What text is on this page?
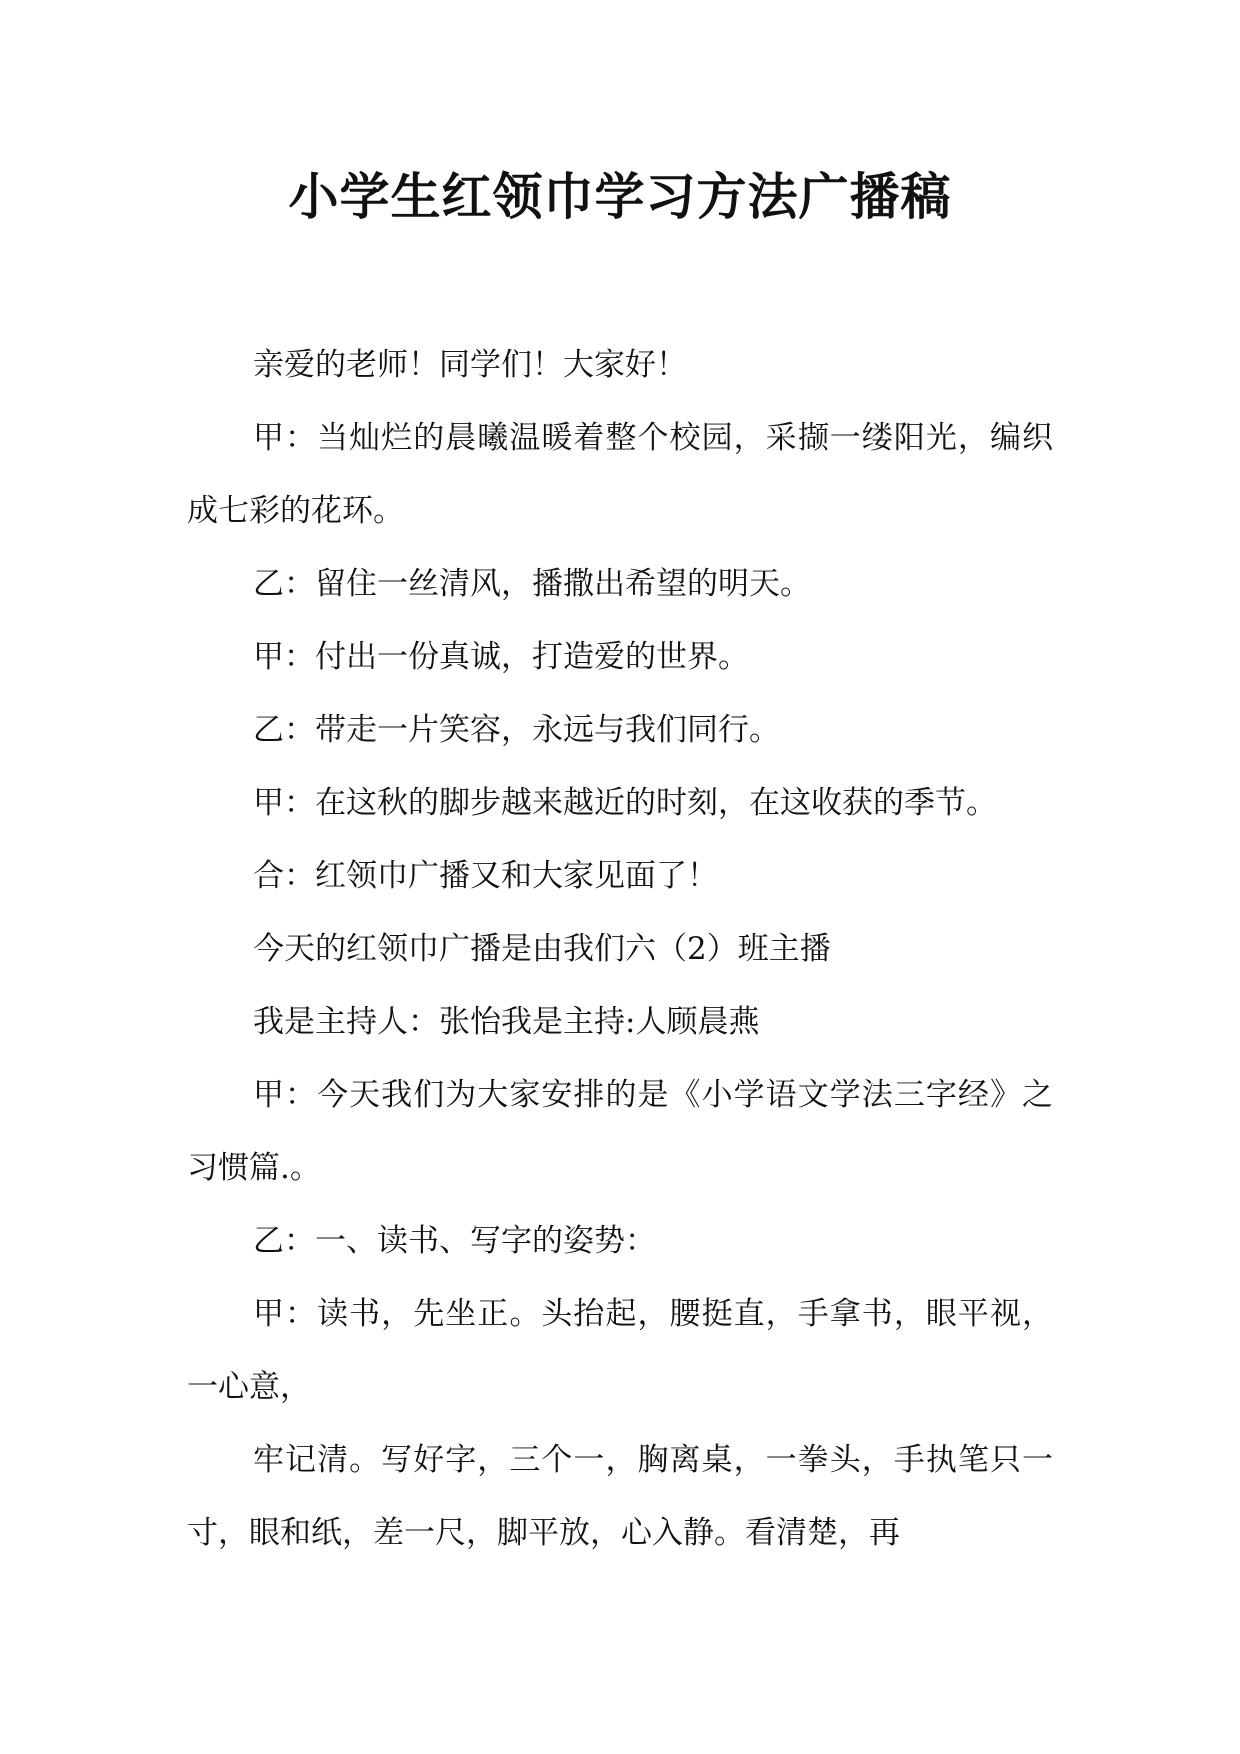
小学生红领巾学习方法广播稿

亲爱的老师！同学们！大家好！

甲：当灿烂的晨曦温暖着整个校园，采撷一缕阳光，编织成七彩的花环。

乙：留住一丝清风，播撒出希望的明天。

甲：付出一份真诚，打造爱的世界。

乙：带走一片笑容，永远与我们同行。

甲：在这秋的脚步越来越近的时刻，在这收获的季节。

合：红领巾广播又和大家见面了！

今天的红领巾广播是由我们六（2）班主播

我是主持人：张怡我是主持:人顾晨燕

甲：今天我们为大家安排的是《小学语文学法三字经》之习惯篇.。

乙：一、读书、写字的姿势：

甲：读书，先坐正。头抬起，腰挺直，手拿书，眼平视，一心意，

牢记清。写好字，三个一，胸离桌，一拳头，手执笔只一寸，眼和纸，差一尺，脚平放，心入静。看清楚，再
